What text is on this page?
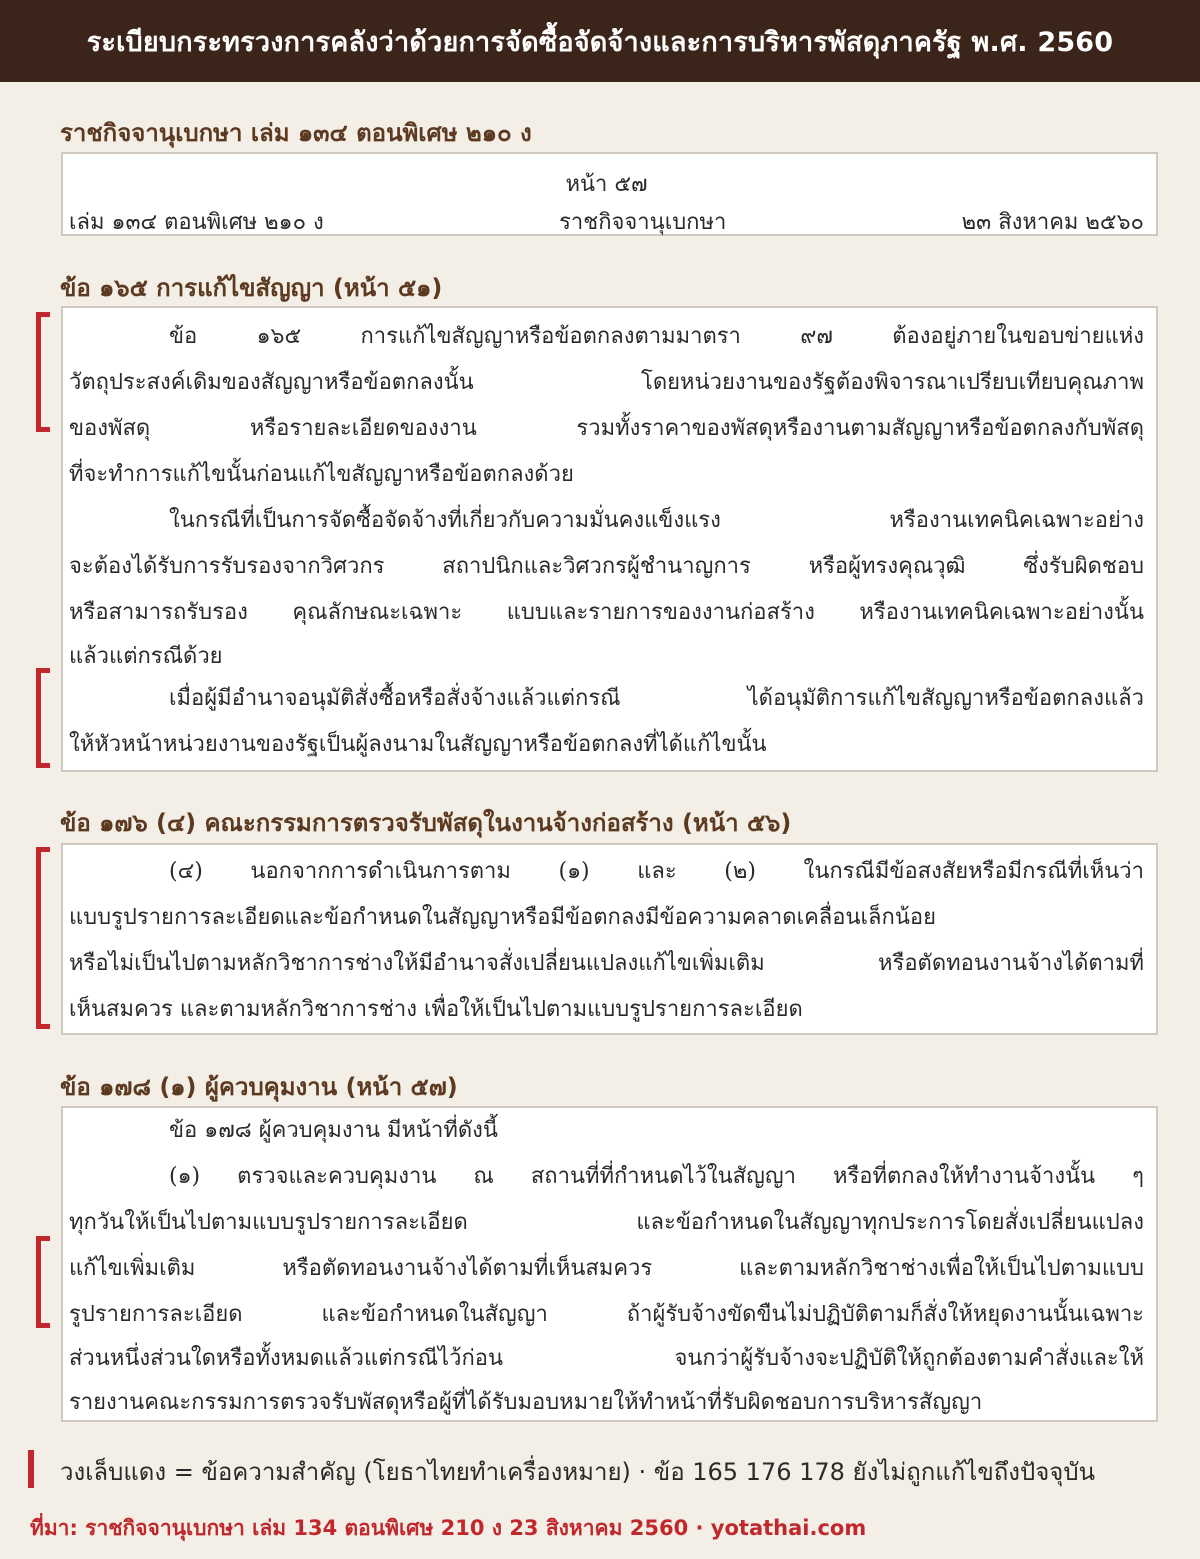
ระเบียบกระทรวงการคลังว่าด้วยการจัดซื้อจัดจ้างและการบริหารพัสดุภาครัฐ พ.ศ. 2560
ราชกิจจานุเบกษา เล่ม ๑๓๔ ตอนพิเศษ ๒๑๐ ง
หน้า ๕๗
เล่ม ๑๓๔ ตอนพิเศษ ๒๑๐ ง	ราชกิจจานุเบกษา	๒๓ สิงหาคม ๒๕๖๐
ข้อ ๑๖๕ การแก้ไขสัญญา (หน้า ๕๑)
ข้อ ๑๖๕ การแก้ไขสัญญาหรือข้อตกลงตามมาตรา ๙๗ ต้องอยู่ภายในขอบข่ายแห่ง
วัตถุประสงค์เดิมของสัญญาหรือข้อตกลงนั้น โดยหน่วยงานของรัฐต้องพิจารณาเปรียบเทียบคุณภาพ
ของพัสดุ หรือรายละเอียดของงาน รวมทั้งราคาของพัสดุหรืองานตามสัญญาหรือข้อตกลงกับพัสดุ
ที่จะทำการแก้ไขนั้นก่อนแก้ไขสัญญาหรือข้อตกลงด้วย
ในกรณีที่เป็นการจัดซื้อจัดจ้างที่เกี่ยวกับความมั่นคงแข็งแรง หรืองานเทคนิคเฉพาะอย่าง
จะต้องได้รับการรับรองจากวิศวกร สถาปนิกและวิศวกรผู้ชำนาญการ หรือผู้ทรงคุณวุฒิ ซึ่งรับผิดชอบ
หรือสามารถรับรอง คุณลักษณะเฉพาะ แบบและรายการของงานก่อสร้าง หรืองานเทคนิคเฉพาะอย่างนั้น
แล้วแต่กรณีด้วย
เมื่อผู้มีอำนาจอนุมัติสั่งซื้อหรือสั่งจ้างแล้วแต่กรณี ได้อนุมัติการแก้ไขสัญญาหรือข้อตกลงแล้ว
ให้หัวหน้าหน่วยงานของรัฐเป็นผู้ลงนามในสัญญาหรือข้อตกลงที่ได้แก้ไขนั้น
ข้อ ๑๗๖ (๔) คณะกรรมการตรวจรับพัสดุในงานจ้างก่อสร้าง (หน้า ๕๖)
(๔) นอกจากการดำเนินการตาม (๑) และ (๒) ในกรณีมีข้อสงสัยหรือมีกรณีที่เห็นว่า
แบบรูปรายการละเอียดและข้อกำหนดในสัญญาหรือมีข้อตกลงมีข้อความคลาดเคลื่อนเล็กน้อย
หรือไม่เป็นไปตามหลักวิชาการช่างให้มีอำนาจสั่งเปลี่ยนแปลงแก้ไขเพิ่มเติม หรือตัดทอนงานจ้างได้ตามที่
เห็นสมควร และตามหลักวิชาการช่าง เพื่อให้เป็นไปตามแบบรูปรายการละเอียด
ข้อ ๑๗๘ (๑) ผู้ควบคุมงาน (หน้า ๕๗)
ข้อ ๑๗๘ ผู้ควบคุมงาน มีหน้าที่ดังนี้
(๑) ตรวจและควบคุมงาน ณ สถานที่ที่กำหนดไว้ในสัญญา หรือที่ตกลงให้ทำงานจ้างนั้น ๆ
ทุกวันให้เป็นไปตามแบบรูปรายการละเอียด และข้อกำหนดในสัญญาทุกประการโดยสั่งเปลี่ยนแปลง
แก้ไขเพิ่มเติม หรือตัดทอนงานจ้างได้ตามที่เห็นสมควร และตามหลักวิชาช่างเพื่อให้เป็นไปตามแบบ
รูปรายการละเอียด และข้อกำหนดในสัญญา ถ้าผู้รับจ้างขัดขืนไม่ปฏิบัติตามก็สั่งให้หยุดงานนั้นเฉพาะ
ส่วนหนึ่งส่วนใดหรือทั้งหมดแล้วแต่กรณีไว้ก่อน จนกว่าผู้รับจ้างจะปฏิบัติให้ถูกต้องตามคำสั่งและให้
รายงานคณะกรรมการตรวจรับพัสดุหรือผู้ที่ได้รับมอบหมายให้ทำหน้าที่รับผิดชอบการบริหารสัญญา
วงเล็บแดง = ข้อความสำคัญ (โยธาไทยทำเครื่องหมาย) · ข้อ 165 176 178 ยังไม่ถูกแก้ไขถึงปัจจุบัน
ที่มา: ราชกิจจานุเบกษา เล่ม 134 ตอนพิเศษ 210 ง 23 สิงหาคม 2560 · yotathai.com
